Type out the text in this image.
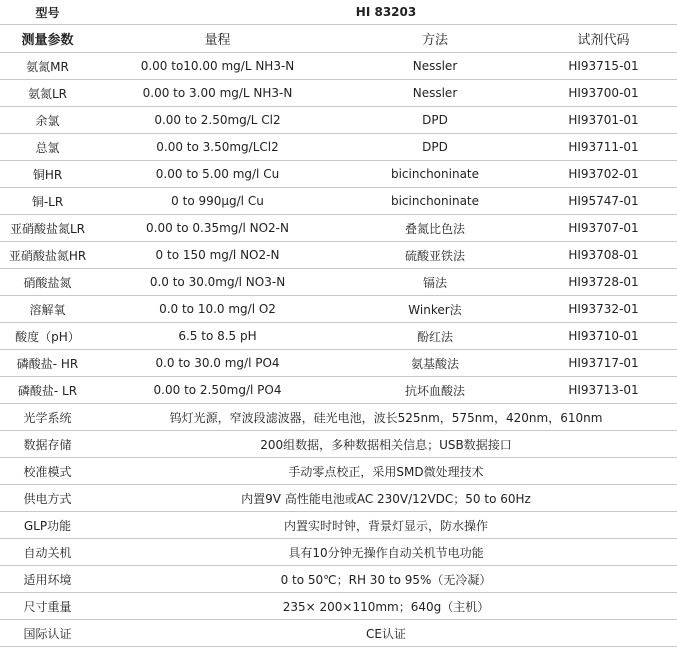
型号	HI 83203		
测量参数	量程	方法	试剂代码
氨氮MR	0.00 to10.00 mg/L NH3-N	Nessler	HI93715-01
氨氮LR	0.00 to 3.00 mg/L NH3-N	Nessler	HI93700-01
余氯	0.00 to 2.50mg/L Cl2	DPD	HI93701-01
总氯	0.00 to 3.50mg/LCl2	DPD	HI93711-01
铜HR	0.00 to 5.00 mg/l Cu	bicinchoninate	HI93702-01
铜-LR	0 to 990µg/l Cu	bicinchoninate	HI95747-01
亚硝酸盐氮LR	0.00 to 0.35mg/l NO2-N	叠氮比色法	HI93707-01
亚硝酸盐氮HR	0 to 150 mg/l NO2-N	硫酸亚铁法	HI93708-01
硝酸盐氮	0.0 to 30.0mg/l NO3-N	镉法	HI93728-01
溶解氧	0.0 to 10.0 mg/l O2	Winker法	HI93732-01
酸度（pH）	6.5 to 8.5 pH	酚红法	HI93710-01
磷酸盐- HR	0.0 to 30.0 mg/l PO4	氨基酸法	HI93717-01
磷酸盐- LR	0.00 to 2.50mg/l PO4	抗坏血酸法	HI93713-01
光学系统	钨灯光源，窄波段滤波器，硅光电池，波长525nm，575nm，420nm，610nm		
数据存储	200组数据，多种数据相关信息；USB数据接口		
校准模式	手动零点校正，采用SMD微处理技术		
供电方式	内置9V 高性能电池或AC 230V/12VDC；50 to 60Hz		
GLP功能	内置实时时钟，背景灯显示，防水操作		
自动关机	具有10分钟无操作自动关机节电功能		
适用环境	0 to 50℃；RH 30 to 95%（无冷凝）		
尺寸重量	235× 200×110mm；640g（主机）		
国际认证	CE认证		
